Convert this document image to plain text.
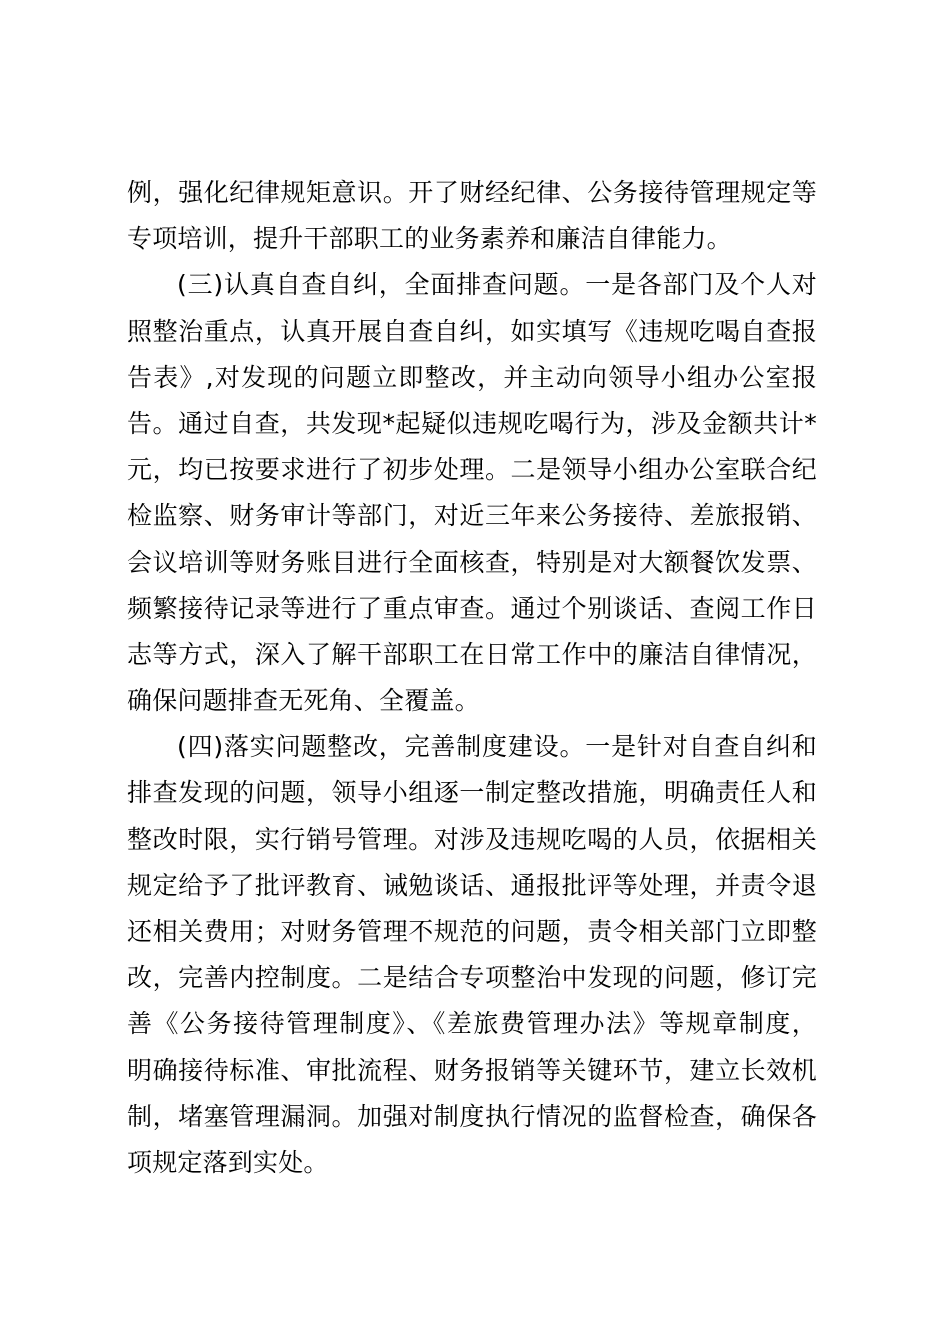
例，强化纪律规矩意识。开了财经纪律、公务接待管理规定等
专项培训，提升干部职工的业务素养和廉洁自律能力。
(三)认真自查自纠，全面排查问题。一是各部门及个人对
照整治重点，认真开展自查自纠，如实填写《违规吃喝自查报
告表》,对发现的问题立即整改，并主动向领导小组办公室报
告。通过自查，共发现*起疑似违规吃喝行为，涉及金额共计*
元，均已按要求进行了初步处理。二是领导小组办公室联合纪
检监察、财务审计等部门，对近三年来公务接待、差旅报销、
会议培训等财务账目进行全面核查，特别是对大额餐饮发票、
频繁接待记录等进行了重点审查。通过个别谈话、查阅工作日
志等方式，深入了解干部职工在日常工作中的廉洁自律情况，
确保问题排查无死角、全覆盖。
(四)落实问题整改，完善制度建设。一是针对自查自纠和
排查发现的问题，领导小组逐一制定整改措施，明确责任人和
整改时限，实行销号管理。对涉及违规吃喝的人员，依据相关
规定给予了批评教育、诫勉谈话、通报批评等处理，并责令退
还相关费用；对财务管理不规范的问题，责令相关部门立即整
改，完善内控制度。二是结合专项整治中发现的问题，修订完
善《公务接待管理制度》、《差旅费管理办法》等规章制度，
明确接待标准、审批流程、财务报销等关键环节，建立长效机
制，堵塞管理漏洞。加强对制度执行情况的监督检查，确保各
项规定落到实处。
